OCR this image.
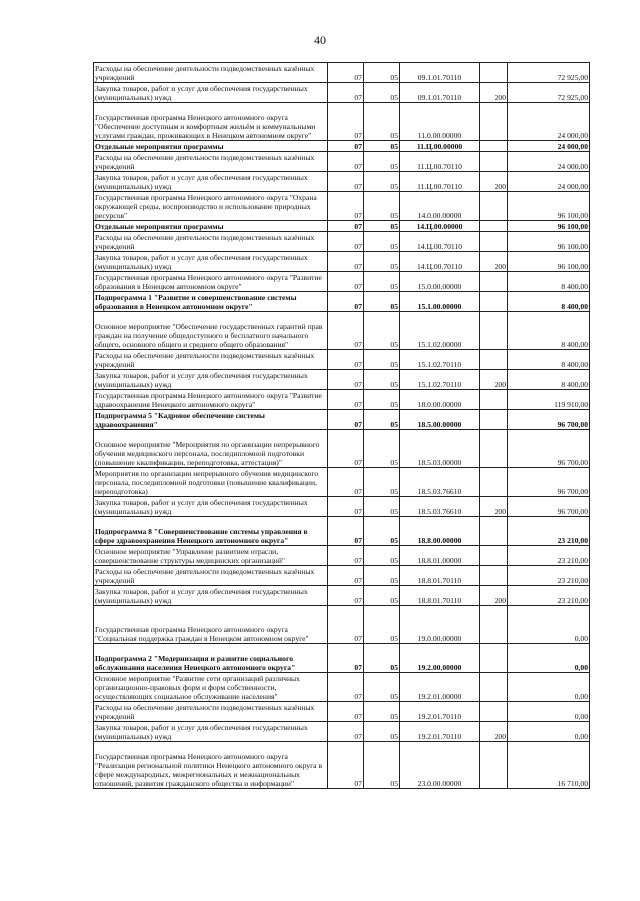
40
Расходы на обеспечение деятельности подведомственных казённых учреждений	07	05	09.1.01.70110		72 925,00
Закупка товаров, работ и услуг для обеспечения государственных (муниципальных) нужд	07	05	09.1.01.70110	200	72 925,00
Государственная программа Ненецкого автономного округа "Обеспечение доступным и комфортным жильём и коммунальными услугами граждан, проживающих в Ненецком автономном округе"	07	05	11.0.00.00000		24 000,00
Отдельные мероприятия программы	07	05	11.Ц.00.00000		24 000,00
Расходы на обеспечение деятельности подведомственных казённых учреждений	07	05	11.Ц.00.70110		24 000,00
Закупка товаров, работ и услуг для обеспечения государственных (муниципальных) нужд	07	05	11.Ц.00.70110	200	24 000,00
Государственная программа Ненецкого автономного округа "Охрана окружающей среды, воспроизводство и использование природных ресурсов"	07	05	14.0.00.00000		96 100,00
Отдельные мероприятия программы	07	05	14.Ц.00.00000		96 100,00
Расходы на обеспечение деятельности подведомственных казённых учреждений	07	05	14.Ц.00.70110		96 100,00
Закупка товаров, работ и услуг для обеспечения государственных (муниципальных) нужд	07	05	14.Ц.00.70110	200	96 100,00
Государственная программа Ненецкого автономного округа "Развитие образования в Ненецком автономном округе"	07	05	15.0.00.00000		8 400,00
Подпрограмма 1 "Развитие и совершенствование системы образования в Ненецком автономном округе"	07	05	15.1.00.00000		8 400,00
Основное мероприятие "Обеспечение государственных гарантий прав граждан на получение общедоступного и бесплатного начального общего, основного общего и среднего общего образования"	07	05	15.1.02.00000		8 400,00
Расходы на обеспечение деятельности подведомственных казённых учреждений	07	05	15.1.02.70110		8 400,00
Закупка товаров, работ и услуг для обеспечения государственных (муниципальных) нужд	07	05	15.1.02.70110	200	8 400,00
Государственная программа Ненецкого автономного округа "Развитие здравоохранения Ненецкого автономного округа"	07	05	18.0.00.00000		119 910,00
Подпрограмма 5 "Кадровое обеспечение системы здравоохранения"	07	05	18.5.00.00000		96 700,00
Основное мероприятие "Мероприятия по организации непрерывного обучения медицинского персонала, последипломной подготовки (повышение квалификации, переподготовка, аттестация)"	07	05	18.5.03.00000		96 700,00
Мероприятия по организации непрерывного обучения медицинского персонала, последипломной подготовки (повышение квалификации, переподготовка)	07	05	18.5.03.76610		96 700,00
Закупка товаров, работ и услуг для обеспечения государственных (муниципальных) нужд	07	05	18.5.03.76610	200	96 700,00
Подпрограмма 8 "Совершенствование системы управления в сфере здравоохранения Ненецкого автономного округа"	07	05	18.8.00.00000		23 210,00
Основное мероприятие "Управление развитием отрасли, совершенствование структуры медицинских организаций"	07	05	18.8.01.00000		23 210,00
Расходы на обеспечение деятельности подведомственных казённых учреждений	07	05	18.8.01.70110		23 210,00
Закупка товаров, работ и услуг для обеспечения государственных (муниципальных) нужд	07	05	18.8.01.70110	200	23 210,00
Государственная программа Ненецкого автономного округа "Социальная поддержка граждан в Ненецком автономном округе"	07	05	19.0.00.00000		0,00
Подпрограмма 2 "Модернизация и развитие социального обслуживания населения Ненецкого автономного округа"	07	05	19.2.00.00000		0,00
Основное мероприятие "Развитие сети организаций различных организационно-правовых форм и форм собственности, осуществляющих социальное обслуживание населения"	07	05	19.2.01.00000		0,00
Расходы на обеспечение деятельности подведомственных казённых учреждений	07	05	19.2.01.70110		0,00
Закупка товаров, работ и услуг для обеспечения государственных (муниципальных) нужд	07	05	19.2.01.70110	200	0,00
Государственная программа Ненецкого автономного округа "Реализация региональной политики Ненецкого автономного округа в сфере международных, межрегиональных и межнациональных отношений, развития гражданского общества и информации"	07	05	23.0.00.00000		16 710,00
